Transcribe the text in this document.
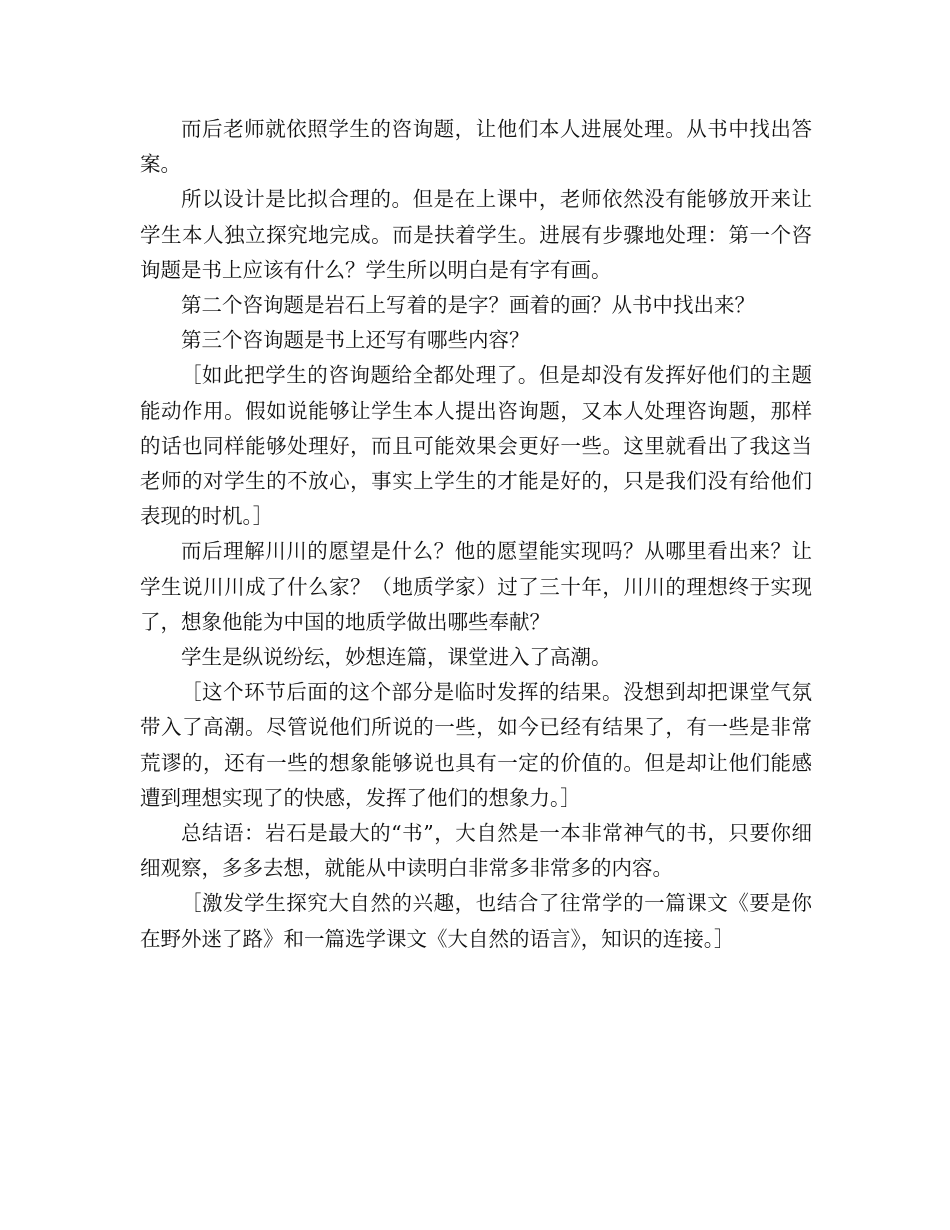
而后老师就依照学生的咨询题，让他们本人进展处理。从书中找出答案。

所以设计是比拟合理的。但是在上课中，老师依然没有能够放开来让学生本人独立探究地完成。而是扶着学生。进展有步骤地处理：第一个咨询题是书上应该有什么？学生所以明白是有字有画。

第二个咨询题是岩石上写着的是字？画着的画？从书中找出来？

第三个咨询题是书上还写有哪些内容？

［如此把学生的咨询题给全都处理了。但是却没有发挥好他们的主题能动作用。假如说能够让学生本人提出咨询题，又本人处理咨询题，那样的话也同样能够处理好，而且可能效果会更好一些。这里就看出了我这当老师的对学生的不放心，事实上学生的才能是好的，只是我们没有给他们表现的时机。］

而后理解川川的愿望是什么？他的愿望能实现吗？从哪里看出来？让学生说川川成了什么家？（地质学家）过了三十年，川川的理想终于实现了，想象他能为中国的地质学做出哪些奉献？

学生是纵说纷纭，妙想连篇，课堂进入了高潮。

［这个环节后面的这个部分是临时发挥的结果。没想到却把课堂气氛带入了高潮。尽管说他们所说的一些，如今已经有结果了，有一些是非常荒谬的，还有一些的想象能够说也具有一定的价值的。但是却让他们能感遭到理想实现了的快感，发挥了他们的想象力。］

总结语：岩石是最大的“书”，大自然是一本非常神气的书，只要你细细观察，多多去想，就能从中读明白非常多非常多的内容。

［激发学生探究大自然的兴趣，也结合了往常学的一篇课文《要是你在野外迷了路》和一篇选学课文《大自然的语言》，知识的连接。］
